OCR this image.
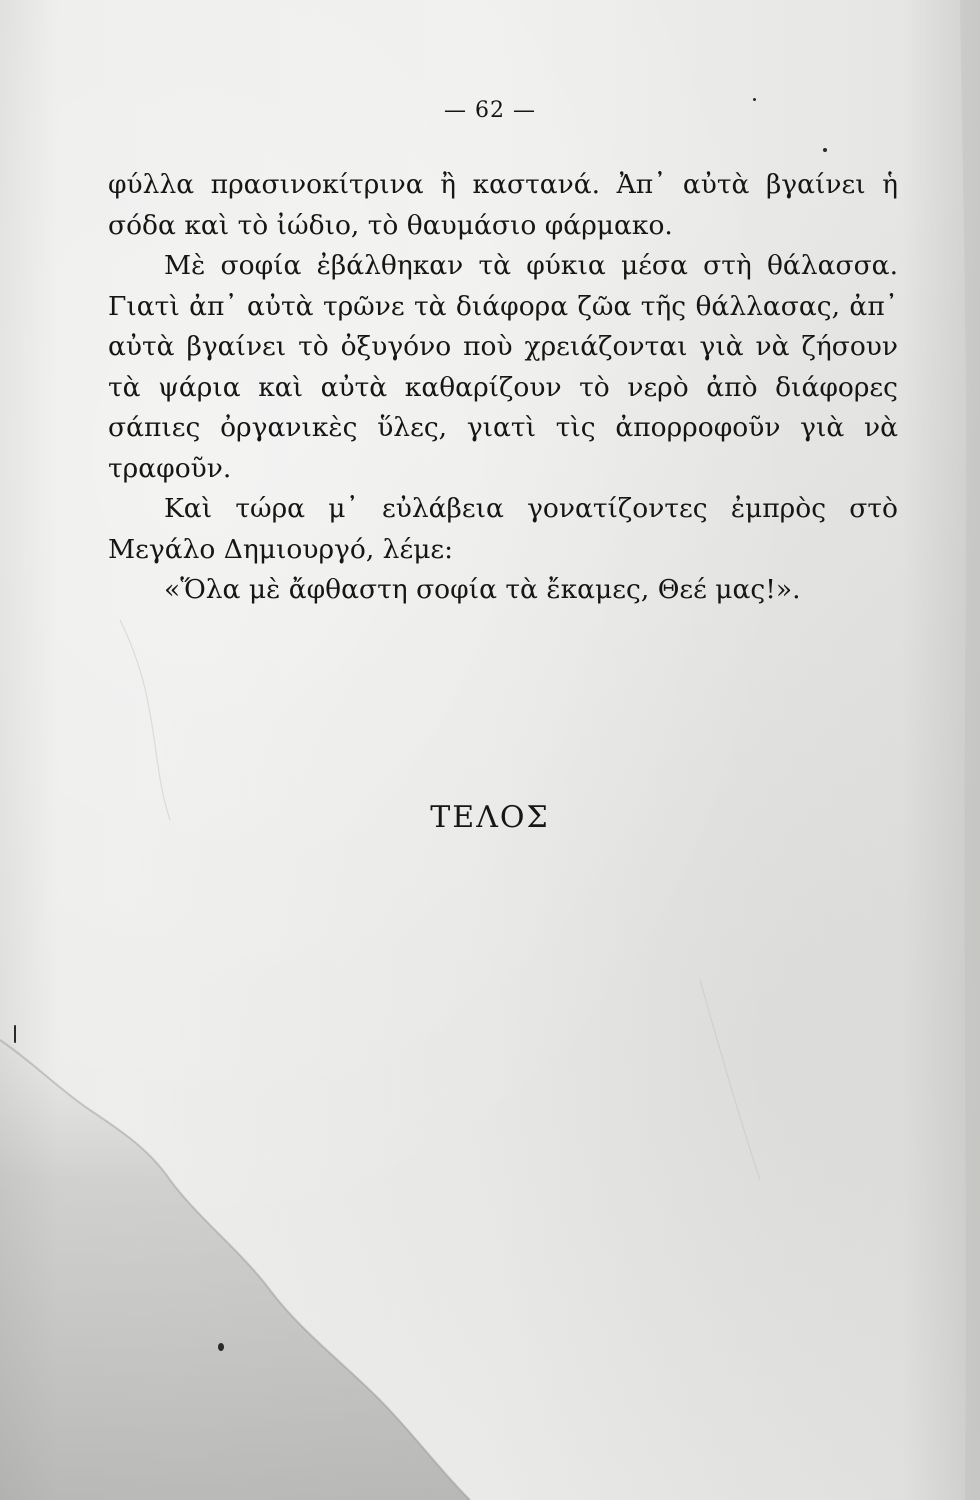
— 62 —

φύλλα πρασινοκίτρινα ἢ καστανά. Ἀπ᾽ αὐτὰ βγαίνει ἡ σόδα καὶ τὸ ἰώδιο, τὸ θαυμάσιο φάρμακο.

Μὲ σοφία ἐβάλθηκαν τὰ φύκια μέσα στὴ θάλασσα. Γιατὶ ἀπ᾽ αὐτὰ τρῶνε τὰ διάφορα ζῶα τῆς θάλλασας, ἀπ᾽ αὐτὰ βγαίνει τὸ ὀξυγόνο ποὺ χρειάζονται γιὰ νὰ ζήσουν τὰ ψάρια καὶ αὐτὰ καθαρίζουν τὸ νερὸ ἀπὸ διάφορες σάπιες ὀργανικὲς ὕλες, γιατὶ τὶς ἀπορροφοῦν γιὰ νὰ τραφοῦν.

Καὶ τώρα μ᾽ εὐλάβεια γονατίζοντες ἐμπρὸς στὸ Μεγάλο Δημιουργό, λέμε:

«Ὅλα μὲ ἄφθαστη σοφία τὰ ἔκαμες, Θεέ μας!».

ΤΕΛΟΣ
